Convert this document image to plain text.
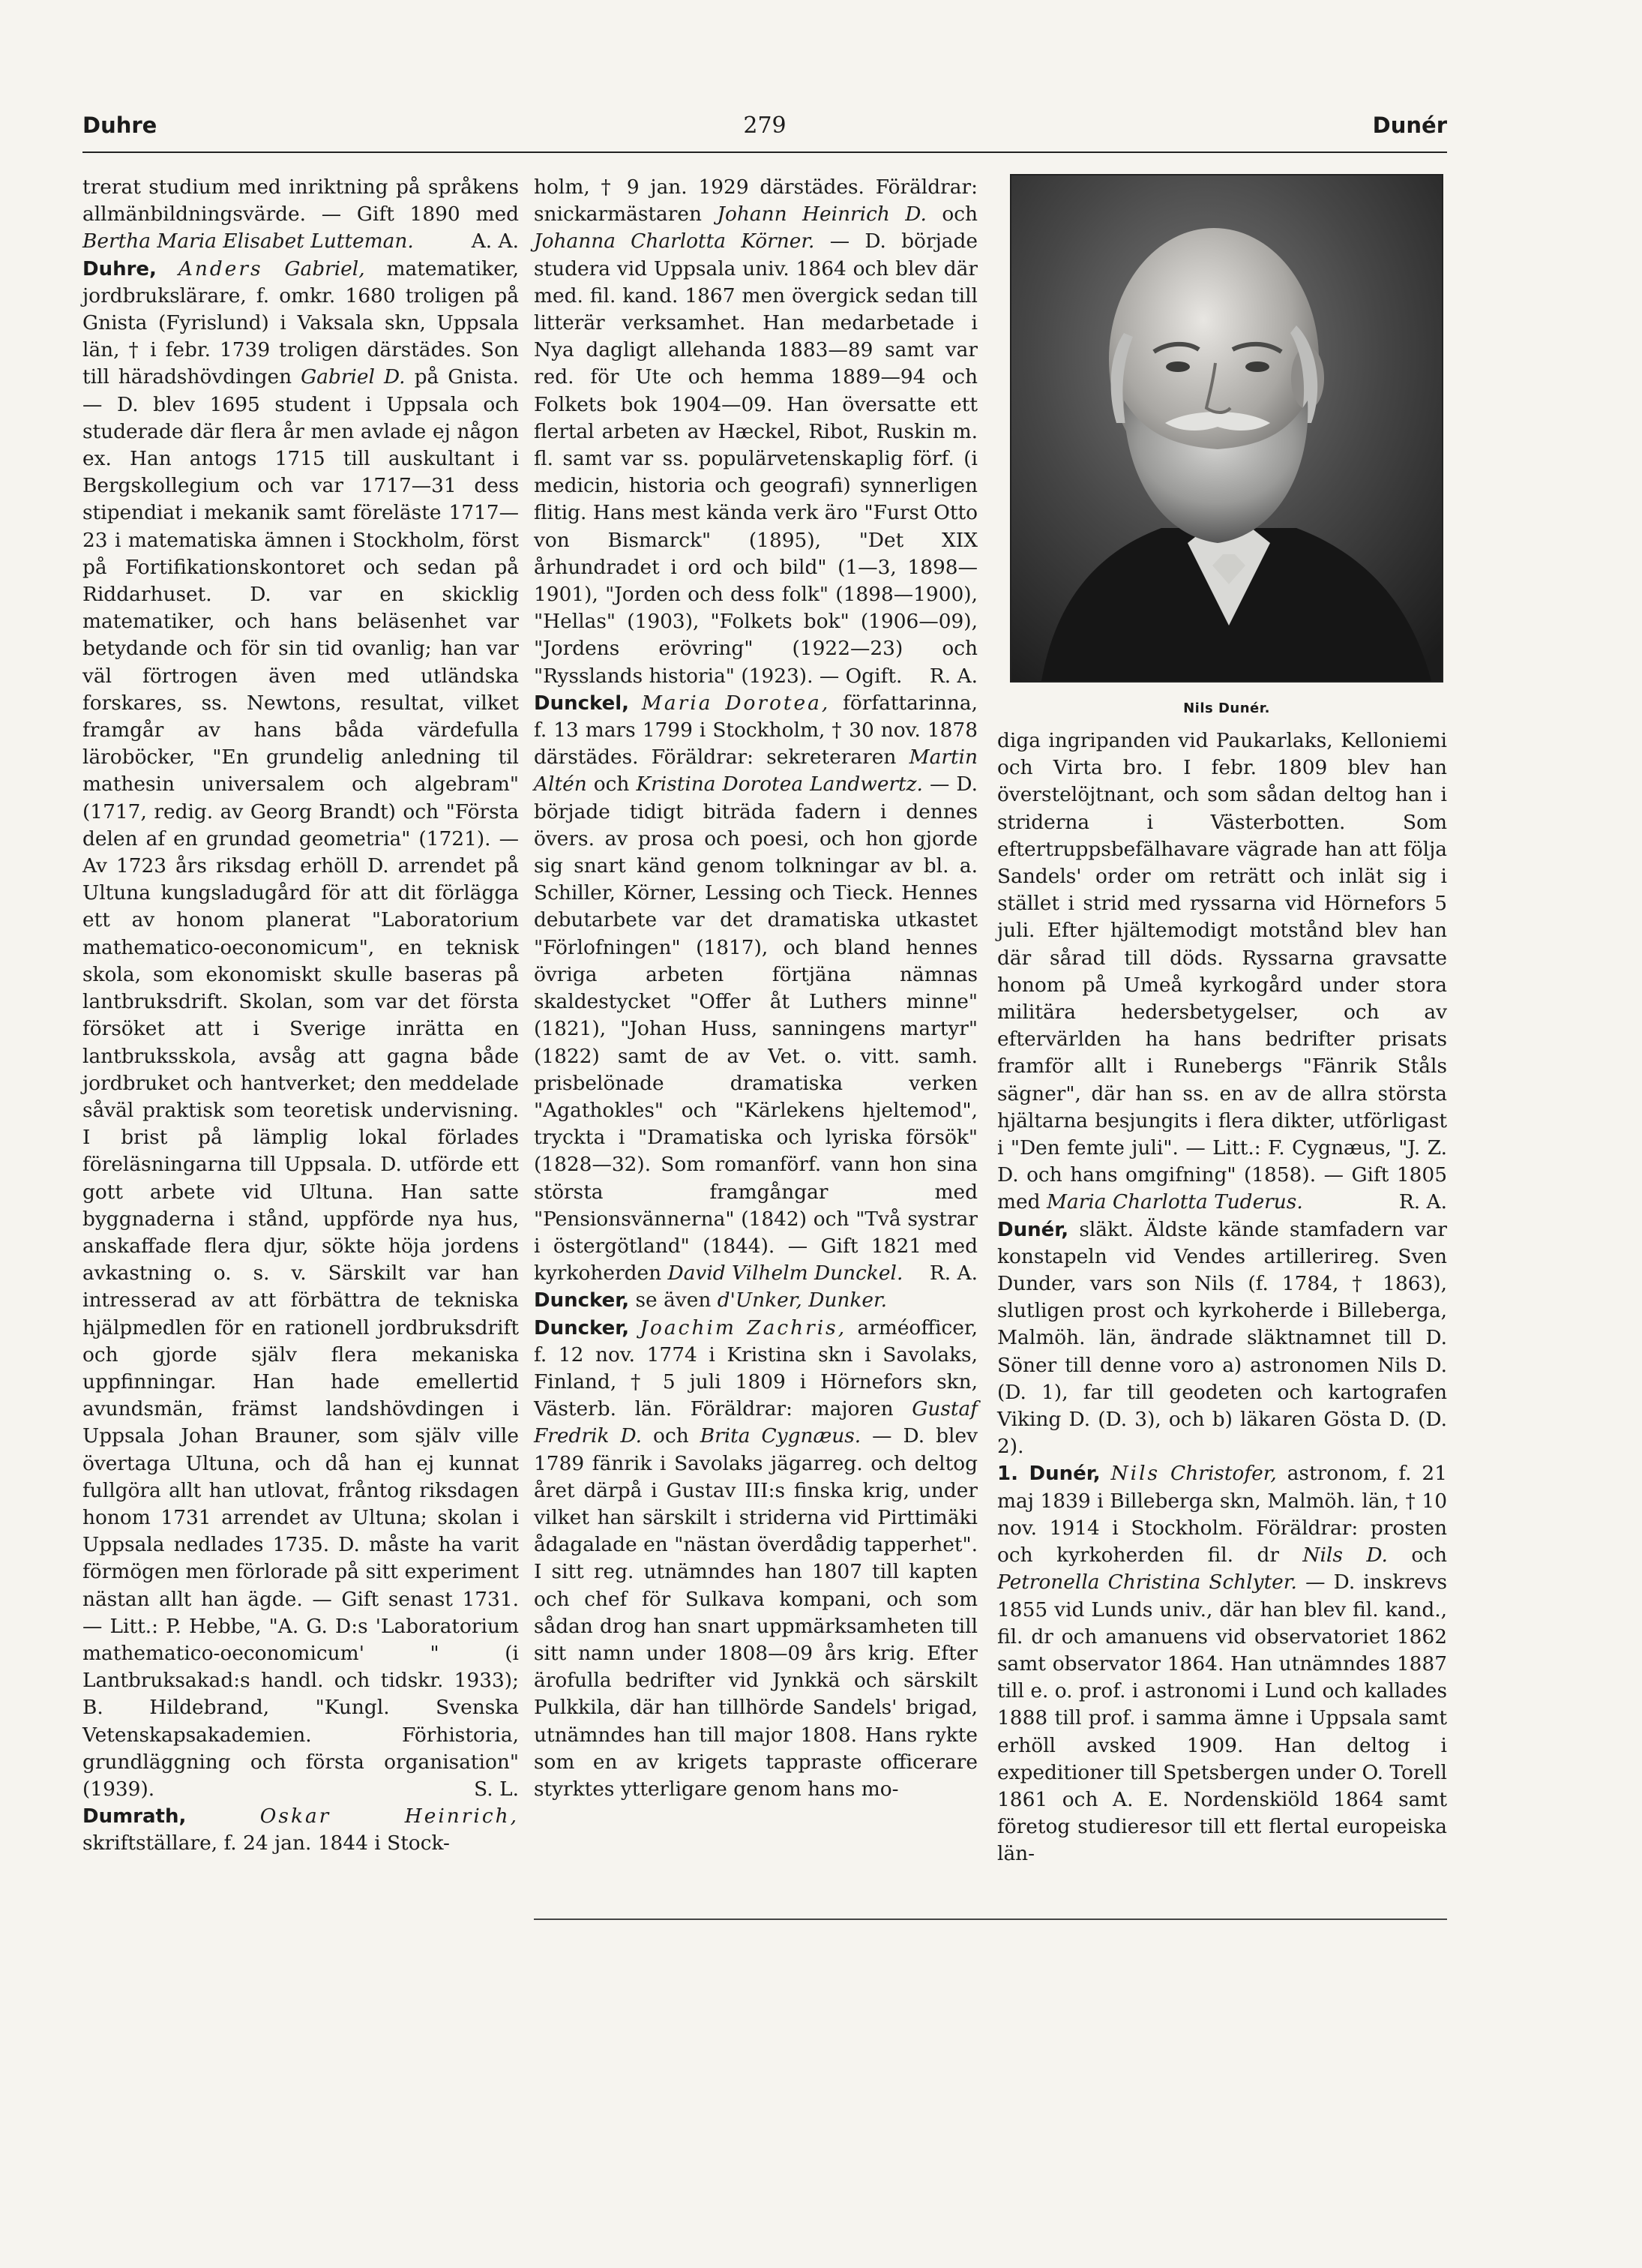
Duhre	279	Dunér

trerat studium med inriktning på språkens allmänbildningsvärde. — Gift 1890 med Bertha Maria Elisabet Lutteman.	A. A.

Duhre, Anders Gabriel, matematiker, jordbrukslärare, f. omkr. 1680 troligen på Gnista (Fyrislund) i Vaksala skn, Uppsala län, † i febr. 1739 troligen därstädes. Son till häradshövdingen Gabriel D. på Gnista. — D. blev 1695 student i Uppsala och studerade där flera år men avlade ej någon ex. Han antogs 1715 till auskultant i Bergskollegium och var 1717—31 dess stipendiat i mekanik samt föreläste 1717—23 i matematiska ämnen i Stockholm, först på Fortifikationskontoret och sedan på Riddarhuset. D. var en skicklig matematiker, och hans beläsenhet var betydande och för sin tid ovanlig; han var väl förtrogen även med utländska forskares, ss. Newtons, resultat, vilket framgår av hans båda värdefulla läroböcker, "En grundelig anledning til mathesin universalem och algebram" (1717, redig. av Georg Brandt) och "Första delen af en grundad geometria" (1721). — Av 1723 års riksdag erhöll D. arrendet på Ultuna kungsladugård för att dit förlägga ett av honom planerat "Laboratorium mathematico-oeconomicum", en teknisk skola, som ekonomiskt skulle baseras på lantbruksdrift. Skolan, som var det första försöket att i Sverige inrätta en lantbruksskola, avsåg att gagna både jordbruket och hantverket; den meddelade såväl praktisk som teoretisk undervisning. I brist på lämplig lokal förlades föreläsningarna till Uppsala. D. utförde ett gott arbete vid Ultuna. Han satte byggnaderna i stånd, uppförde nya hus, anskaffade flera djur, sökte höja jordens avkastning o. s. v. Särskilt var han intresserad av att förbättra de tekniska hjälpmedlen för en rationell jordbruksdrift och gjorde själv flera mekaniska uppfinningar. Han hade emellertid avundsmän, främst landshövdingen i Uppsala Johan Brauner, som själv ville övertaga Ultuna, och då han ej kunnat fullgöra allt han utlovat, fråntog riksdagen honom 1731 arrendet av Ultuna; skolan i Uppsala nedlades 1735. D. måste ha varit förmögen men förlorade på sitt experiment nästan allt han ägde. — Gift senast 1731. — Litt.: P. Hebbe, "A. G. D:s 'Laboratorium mathematico-oeconomicum' " (i Lantbruksakad:s handl. och tidskr. 1933); B. Hildebrand, "Kungl. Svenska Vetenskapsakademien. Förhistoria, grundläggning och första organisation" (1939).	S. L.

Dumrath,	Oskar	Heinrich, skriftställare, f. 24 jan. 1844 i Stock-

holm, † 9 jan. 1929 därstädes. Föräldrar: snickarmästaren Johann Heinrich D. och Johanna Charlotta Körner. — D. började studera vid Uppsala univ. 1864 och blev där med. fil. kand. 1867 men övergick sedan till litterär verksamhet. Han medarbetade i Nya dagligt allehanda 1883—89 samt var red. för Ute och hemma 1889—94 och Folkets bok 1904—09. Han översatte ett flertal arbeten av Hæckel, Ribot, Ruskin m. fl. samt var ss. populärvetenskaplig förf. (i medicin, historia och geografi) synnerligen flitig. Hans mest kända verk äro "Furst Otto von Bismarck" (1895), "Det XIX århundradet i ord och bild" (1—3, 1898—1901), "Jorden och dess folk" (1898—1900), "Hellas" (1903), "Folkets bok" (1906—09), "Jordens erövring" (1922—23) och "Rysslands historia" (1923). — Ogift. R. A.

Dunckel, Maria Dorotea, författarinna, f. 13 mars 1799 i Stockholm, † 30 nov. 1878 därstädes. Föräldrar: sekreteraren Martin Altén och Kristina Dorotea Landwertz. — D. började tidigt biträda fadern i dennes övers. av prosa och poesi, och hon gjorde sig snart känd genom tolkningar av bl. a. Schiller, Körner, Lessing och Tieck. Hennes debutarbete var det dramatiska utkastet "Förlofningen" (1817), och bland hennes övriga arbeten förtjäna nämnas skaldestycket "Offer åt Luthers minne" (1821), "Johan Huss, sanningens martyr" (1822) samt de av Vet. o. vitt. samh. prisbelönade dramatiska verken "Agathokles" och "Kärlekens hjeltemod", tryckta i "Dramatiska och lyriska försök" (1828—32). Som romanförf. vann hon sina största framgångar med "Pensionsvännerna" (1842) och "Två systrar i östergötland" (1844). — Gift 1821 med kyrkoherden David Vilhelm Dunckel. R. A.

Duncker, se även d'Unker, Dunker.

Duncker, Joachim Zachris, arméofficer, f. 12 nov. 1774 i Kristina skn i Savolaks, Finland, † 5 juli 1809 i Hörnefors skn, Västerb. län. Föräldrar: majoren Gustaf Fredrik D. och Brita Cygnæus. — D. blev 1789 fänrik i Savolaks jägarreg. och deltog året därpå i Gustav III:s finska krig, under vilket han särskilt i striderna vid Pirttimäki ådagalade en "nästan överdådig tapperhet". I sitt reg. utnämndes han 1807 till kapten och chef för Sulkava kompani, och som sådan drog han snart uppmärksamheten till sitt namn under 1808—09 års krig. Efter ärofulla bedrifter vid Jynkkä och särskilt Pulkkila, där han tillhörde Sandels' brigad, utnämndes han till major 1808. Hans rykte som en av krigets tappraste officerare styrktes ytterligare genom hans mo-

Nils Dunér.

diga ingripanden vid Paukarlaks, Kelloniemi och Virta bro. I febr. 1809 blev han överstelöjtnant, och som sådan deltog han i striderna i Västerbotten. Som eftertruppsbefälhavare vägrade han att följa Sandels' order om reträtt och inlät sig i stället i strid med ryssarna vid Hörnefors 5 juli. Efter hjältemodigt motstånd blev han där sårad till döds. Ryssarna gravsatte honom på Umeå kyrkogård under stora militära hedersbetygelser, och av eftervärlden ha hans bedrifter prisats framför allt i Runebergs "Fänrik Ståls sägner", där han ss. en av de allra största hjältarna besjungits i flera dikter, utförligast i "Den femte juli". — Litt.: F. Cygnæus, "J. Z. D. och hans omgifning" (1858). — Gift 1805 med Maria Charlotta Tuderus.	R. A.

Dunér, släkt. Äldste kände stamfadern var konstapeln vid Vendes artillerireg. Sven Dunder, vars son Nils (f. 1784, † 1863), slutligen prost och kyrkoherde i Billeberga, Malmöh. län, ändrade släktnamnet till D. Söner till denne voro a) astronomen Nils D. (D. 1), far till geodeten och kartografen Viking D. (D. 3), och b) läkaren Gösta D. (D. 2).

1. Dunér, Nils Christofer, astronom, f. 21 maj 1839 i Billeberga skn, Malmöh. län, † 10 nov. 1914 i Stockholm. Föräldrar: prosten och kyrkoherden fil. dr Nils D. och Petronella Christina Schlyter. — D. inskrevs 1855 vid Lunds univ., där han blev fil. kand., fil. dr och amanuens vid observatoriet 1862 samt observator 1864. Han utnämndes 1887 till e. o. prof. i astronomi i Lund och kallades 1888 till prof. i samma ämne i Uppsala samt erhöll avsked 1909. Han deltog i expeditioner till Spetsbergen under O. Torell 1861 och A. E. Nordenskiöld 1864 samt företog studieresor till ett flertal europeiska län-
